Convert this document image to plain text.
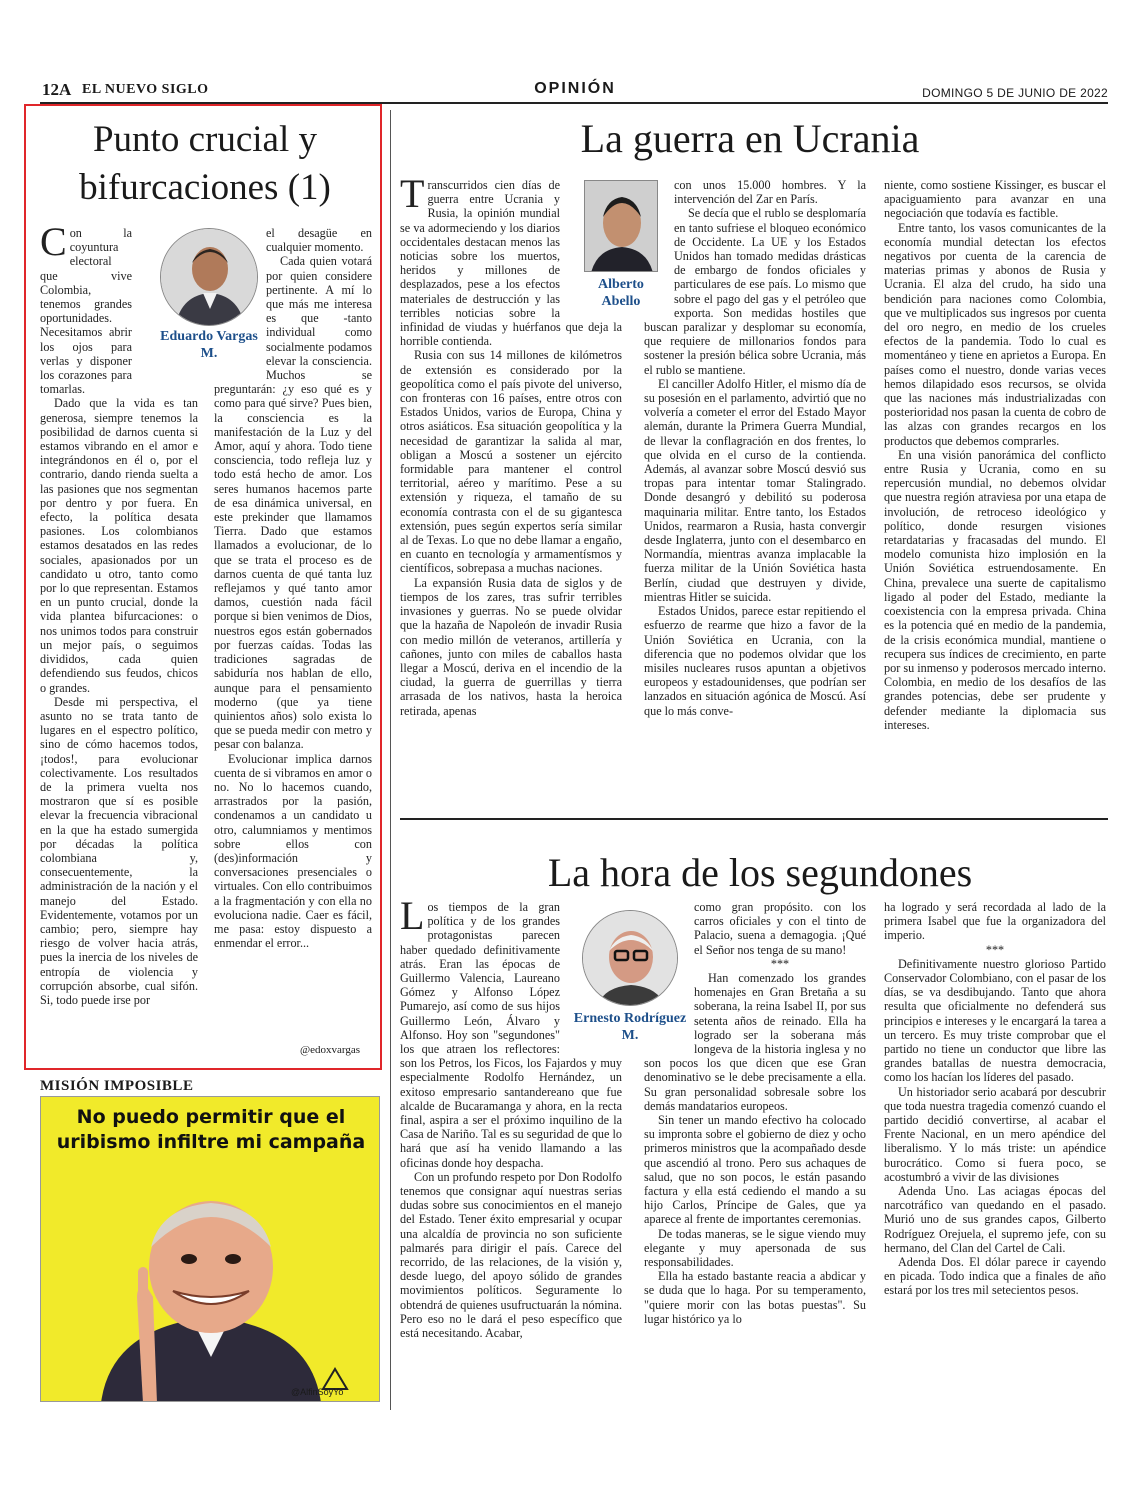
12A EL NUEVO SIGLO	OPINIÓN	DOMINGO 5 DE JUNIO DE 2022
Punto crucial y bifurcaciones (1)
Eduardo Vargas M.

Con la coyuntura electoral que vive Colombia, tenemos grandes oportunidades. Necesitamos abrir los ojos para verlas y disponer los corazones para tomarlas.

Dado que la vida es tan generosa, siempre tenemos la posibilidad de darnos cuenta si estamos vibrando en el amor e integrándonos en él o, por el contrario, dando rienda suelta a las pasiones que nos segmentan por dentro y por fuera. En efecto, la política desata pasiones. Los colombianos estamos desatados en las redes sociales, apasionados por un candidato u otro, tanto como por lo que representan. Estamos en un punto crucial, donde la vida plantea bifurcaciones: o nos unimos todos para construir un mejor país, o seguimos divididos, cada quien defendiendo sus feudos, chicos o grandes.

Desde mi perspectiva, el asunto no se trata tanto de lugares en el espectro político, sino de cómo hacemos todos, ¡todos!, para evolucionar colectivamente. Los resultados de la primera vuelta nos mostraron que sí es posible elevar la frecuencia vibracional en la que ha estado sumergida por décadas la política colombiana y, consecuentemente, la administración de la nación y el manejo del Estado. Evidentemente, votamos por un cambio; pero, siempre hay riesgo de volver hacia atrás, pues la inercia de los niveles de entropía de violencia y corrupción absorbe, cual sifón. Si, todo puede irse por

el desagüe en cualquier momento.

Cada quien votará por quien considere pertinente. A mí lo que más me interesa es que -tanto individual como socialmente podamos elevar la consciencia. Muchos se preguntarán: ¿y eso qué es y como para qué sirve? Pues bien, la consciencia es la manifestación de la Luz y del Amor, aquí y ahora. Todo tiene consciencia, todo refleja luz y todo está hecho de amor. Los seres humanos hacemos parte de esa dinámica universal, en este prekinder que llamamos Tierra. Dado que estamos llamados a evolucionar, de lo que se trata el proceso es de darnos cuenta de qué tanta luz reflejamos y qué tanto amor damos, cuestión nada fácil porque si bien venimos de Dios, nuestros egos están gobernados por fuerzas caídas. Todas las tradiciones sagradas de sabiduría nos hablan de ello, aunque para el pensamiento moderno (que ya tiene quinientos años) solo exista lo que se pueda medir con metro y pesar con balanza.

Evolucionar implica darnos cuenta de si vibramos en amor o no. No lo hacemos cuando, arrastrados por la pasión, condenamos a un candidato u otro, calumniamos y mentimos sobre ellos con (des)información y conversaciones presenciales o virtuales. Con ello contribuimos a la fragmentación y con ella no evoluciona nadie. Caer es fácil, me pasa: estoy dispuesto a enmendar el error...

@edoxvargas
MISIÓN IMPOSIBLE
No puedo permitir que el uribismo infiltre mi campaña
@AlfinSoyYo
La guerra en Ucrania
Alberto Abello

Transcurridos cien días de guerra entre Ucrania y Rusia, la opinión mundial se va adormeciendo y los diarios occidentales destacan menos las noticias sobre los muertos, heridos y millones de desplazados, pese a los efectos materiales de destrucción y las terribles noticias sobre la infinidad de viudas y huérfanos que deja la horrible contienda.

Rusia con sus 14 millones de kilómetros de extensión es considerado por la geopolítica como el país pivote del universo, con fronteras con 16 países, entre otros con Estados Unidos, varios de Europa, China y otros asiáticos. Esa situación geopolítica y la necesidad de garantizar la salida al mar, obligan a Moscú a sostener un ejército formidable para mantener el control territorial, aéreo y marítimo. Pese a su extensión y riqueza, el tamaño de su economía contrasta con el de su gigantesca extensión, pues según expertos sería similar al de Texas. Lo que no debe llamar a engaño, en cuanto en tecnología y armamentísmos y científicos, sobrepasa a muchas naciones.

La expansión Rusia data de siglos y de tiempos de los zares, tras sufrir terribles invasiones y guerras. No se puede olvidar que la hazaña de Napoleón de invadir Rusia con medio millón de veteranos, artillería y cañones, junto con miles de caballos hasta llegar a Moscú, deriva en el incendio de la ciudad, la guerra de guerrillas y tierra arrasada de los nativos, hasta la heroica retirada, apenas

con unos 15.000 hombres. Y la intervención del Zar en París.

Se decía que el rublo se desplomaría en tanto sufriese el bloqueo económico de Occidente. La UE y los Estados Unidos han tomado medidas drásticas de embargo de fondos oficiales y particulares de ese país. Lo mismo que sobre el pago del gas y el petróleo que exporta. Son medidas hostiles que buscan paralizar y desplomar su economía, que requiere de millonarios fondos para sostener la presión bélica sobre Ucrania, más el rublo se mantiene.

El canciller Adolfo Hitler, el mismo día de su posesión en el parlamento, advirtió que no volvería a cometer el error del Estado Mayor alemán, durante la Primera Guerra Mundial, de llevar la conflagración en dos frentes, lo que olvida en el curso de la contienda. Además, al avanzar sobre Moscú desvió sus tropas para intentar tomar Stalingrado. Donde desangró y debilitó su poderosa maquinaria militar. Entre tanto, los Estados Unidos, rearmaron a Rusia, hasta convergir desde Inglaterra, junto con el desembarco en Normandía, mientras avanza implacable la fuerza militar de la Unión Soviética hasta Berlín, ciudad que destruyen y divide, mientras Hitler se suicida.

Estados Unidos, parece estar repitiendo el esfuerzo de rearme que hizo a favor de la Unión Soviética en Ucrania, con la diferencia que no podemos olvidar que los misiles nucleares rusos apuntan a objetivos europeos y estadounidenses, que podrían ser lanzados en situación agónica de Moscú. Así que lo más conve-

niente, como sostiene Kissinger, es buscar el apaciguamiento para avanzar en una negociación que todavía es factible.

Entre tanto, los vasos comunicantes de la economía mundial detectan los efectos negativos por cuenta de la carencia de materias primas y abonos de Rusia y Ucrania. El alza del crudo, ha sido una bendición para naciones como Colombia, que ve multiplicados sus ingresos por cuenta del oro negro, en medio de los crueles efectos de la pandemia. Todo lo cual es momentáneo y tiene en aprietos a Europa. En países como el nuestro, donde varias veces hemos dilapidado esos recursos, se olvida que las naciones más industrializadas con posterioridad nos pasan la cuenta de cobro de las alzas con grandes recargos en los productos que debemos comprarles.

En una visión panorámica del conflicto entre Rusia y Ucrania, como en su repercusión mundial, no debemos olvidar que nuestra región atraviesa por una etapa de involución, de retroceso ideológico y político, donde resurgen visiones retardatarias y fracasadas del mundo. El modelo comunista hizo implosión en la Unión Soviética estruendosamente. En China, prevalece una suerte de capitalismo ligado al poder del Estado, mediante la coexistencia con la empresa privada. China es la potencia qué en medio de la pandemia, de la crisis económica mundial, mantiene o recupera sus índices de crecimiento, en parte por su inmenso y poderosos mercado interno. Colombia, en medio de los desafíos de las grandes potencias, debe ser prudente y defender mediante la diplomacia sus intereses.

La hora de los segundones
Ernesto Rodríguez M.

Los tiempos de la gran política y de los grandes protagonistas parecen haber quedado definitivamente atrás. Eran las épocas de Guillermo Valencia, Laureano Gómez y Alfonso López Pumarejo, así como de sus hijos Guillermo León, Álvaro y Alfonso. Hoy son "segundones" los que atraen los reflectores: son los Petros, los Ficos, los Fajardos y muy especialmente Rodolfo Hernández, un exitoso empresario santandereano que fue alcalde de Bucaramanga y ahora, en la recta final, aspira a ser el próximo inquilino de la Casa de Nariño. Tal es su seguridad de que lo hará que así ha venido llamando a las oficinas donde hoy despacha.

Con un profundo respeto por Don Rodolfo tenemos que consignar aquí nuestras serias dudas sobre sus conocimientos en el manejo del Estado. Tener éxito empresarial y ocupar una alcaldía de provincia no son suficiente palmarés para dirigir el país. Carece del recorrido, de las relaciones, de la visión y, desde luego, del apoyo sólido de grandes movimientos políticos. Seguramente lo obtendrá de quienes usufructuarán la nómina. Pero eso no le dará el peso específico que está necesitando. Acabar,

como gran propósito. con los carros oficiales y con el tinto de Palacio, suena a demagogia. ¡Qué el Señor nos tenga de su mano!

***

Han comenzado los grandes homenajes en Gran Bretaña a su soberana, la reina Isabel II, por sus setenta años de reinado. Ella ha logrado ser la soberana más longeva de la historia inglesa y no son pocos los que dicen que ese Gran denominativo se le debe precisamente a ella. Su gran personalidad sobresale sobre los demás mandatarios europeos.

Sin tener un mando efectivo ha colocado su impronta sobre el gobierno de diez y ocho primeros ministros que la acompañado desde que ascendió al trono. Pero sus achaques de salud, que no son pocos, le están pasando factura y ella está cediendo el mando a su hijo Carlos, Príncipe de Gales, que ya aparece al frente de importantes ceremonias.

De todas maneras, se le sigue viendo muy elegante y muy apersonada de sus responsabilidades.

Ella ha estado bastante reacia a abdicar y se duda que lo haga. Por su temperamento, "quiere morir con las botas puestas". Su lugar histórico ya lo

ha logrado y será recordada al lado de la primera Isabel que fue la organizadora del imperio.

***

Definitivamente nuestro glorioso Partido Conservador Colombiano, con el pasar de los días, se va desdibujando. Tanto que ahora resulta que oficialmente no defenderá sus principios e intereses y le encargará la tarea a un tercero. Es muy triste comprobar que el partido no tiene un conductor que libre las grandes batallas de nuestra democracia, como los hacían los líderes del pasado.

Un historiador serio acabará por descubrir que toda nuestra tragedia comenzó cuando el partido decidió convertirse, al acabar el Frente Nacional, en un mero apéndice del liberalismo. Y lo más triste: un apéndice burocrático. Como si fuera poco, se acostumbró a vivir de las divisiones

Adenda Uno. Las aciagas épocas del narcotráfico van quedando en el pasado. Murió uno de sus grandes capos, Gilberto Rodríguez Orejuela, el supremo jefe, con su hermano, del Clan del Cartel de Cali.

Adenda Dos. El dólar parece ir cayendo en picada. Todo indica que a finales de año estará por los tres mil setecientos pesos.
